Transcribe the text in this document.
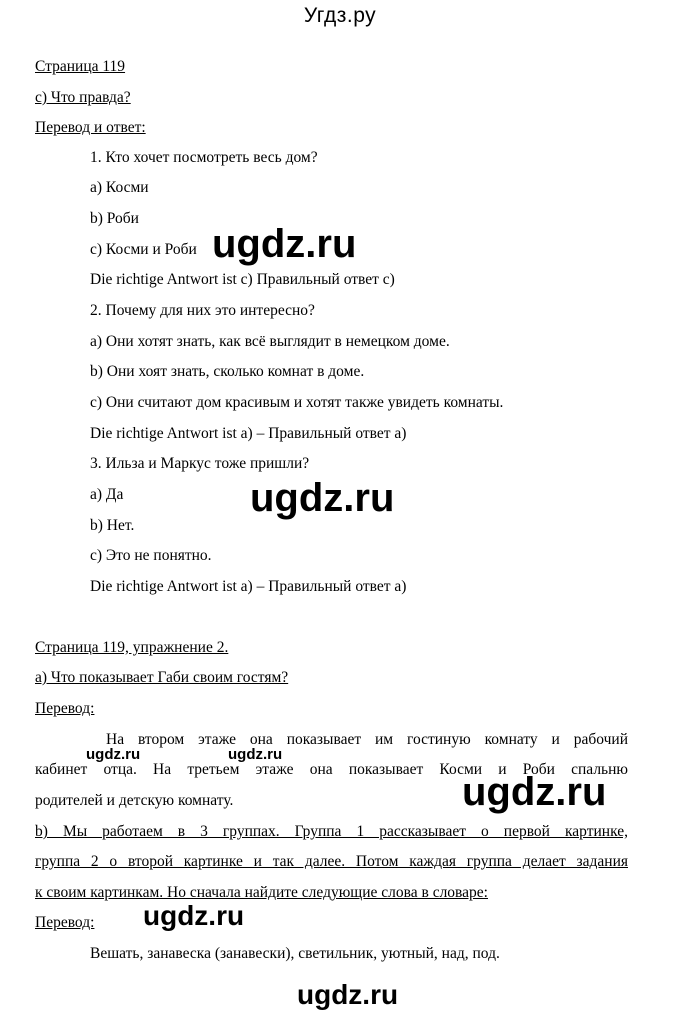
Угдз.ру
Страница 119
c) Что правда?
Перевод и ответ:
1. Кто хочет посмотреть весь дом?
a) Косми
b) Роби
c) Косми и Роби
Die richtige Antwort ist c) Правильный ответ c)
2. Почему для них это интересно?
a) Они хотят знать, как всё выглядит в немецком доме.
b) Они хоят знать, сколько комнат в доме.
c) Они считают дом красивым и хотят также увидеть комнаты.
Die richtige Antwort ist a) – Правильный ответ a)
3. Ильза и Маркус тоже пришли?
a) Да
b) Нет.
c) Это не понятно.
Die richtige Antwort ist a) – Правильный ответ a)
Страница 119, упражнение 2.
a) Что показывает Габи своим гостям?
Перевод:
На втором этаже она показывает им гостиную комнату и рабочий
кабинет отца. На третьем этаже она показывает Косми и Роби спальню
родителей и детскую комнату.
b) Мы работаем в 3 группах. Группа 1 рассказывает о первой картинке,
группа 2 о второй картинке и так далее. Потом каждая группа делает задания
к своим картинкам. Но сначала найдите следующие слова в словаре:
Перевод:
Вешать, занавеска (занавески), светильник, уютный, над, под.
ugdz.ru
ugdz.ru
ugdz.ru
ugdz.ru
ugdz.ru
ugdz.ru	ugdz.ru
